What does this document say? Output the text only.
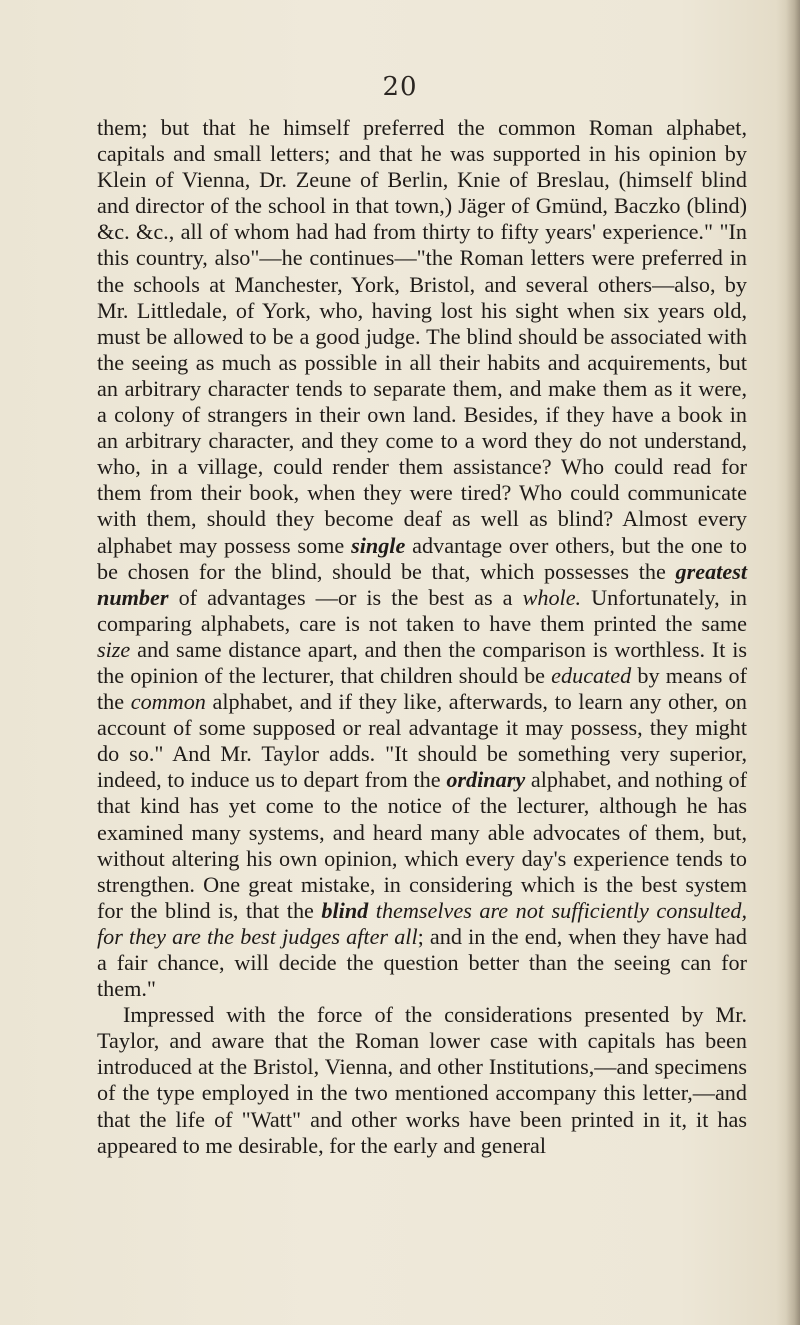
20

them; but that he himself preferred the common Roman alphabet, capitals and small letters; and that he was supported in his opinion by Klein of Vienna, Dr. Zeune of Berlin, Knie of Breslau, (himself blind and director of the school in that town,) Jäger of Gmünd, Baczko (blind) &c. &c., all of whom had had from thirty to fifty years' experience." "In this country, also"—he continues—"the Roman letters were preferred in the schools at Manchester, York, Bristol, and several others—also, by Mr. Littledale, of York, who, having lost his sight when six years old, must be allowed to be a good judge. The blind should be associated with the seeing as much as possible in all their habits and acquirements, but an arbitrary character tends to separate them, and make them as it were, a colony of strangers in their own land. Besides, if they have a book in an arbitrary character, and they come to a word they do not understand, who, in a village, could render them assistance? Who could read for them from their book, when they were tired? Who could communicate with them, should they become deaf as well as blind? Almost every alphabet may possess some single advantage over others, but the one to be chosen for the blind, should be that, which possesses the greatest number of advantages —or is the best as a whole. Unfortunately, in comparing alphabets, care is not taken to have them printed the same size and same distance apart, and then the comparison is worthless. It is the opinion of the lecturer, that children should be educated by means of the common alphabet, and if they like, afterwards, to learn any other, on account of some supposed or real advantage it may possess, they might do so." And Mr. Taylor adds. "It should be something very superior, indeed, to induce us to depart from the ordinary alphabet, and nothing of that kind has yet come to the notice of the lecturer, although he has examined many systems, and heard many able advocates of them, but, without altering his own opinion, which every day's experience tends to strengthen. One great mistake, in considering which is the best system for the blind is, that the blind themselves are not sufficiently consulted, for they are the best judges after all; and in the end, when they have had a fair chance, will decide the question better than the seeing can for them."

Impressed with the force of the considerations presented by Mr. Taylor, and aware that the Roman lower case with capitals has been introduced at the Bristol, Vienna, and other Institutions,—and specimens of the type employed in the two mentioned accompany this letter,—and that the life of "Watt" and other works have been printed in it, it has appeared to me desirable, for the early and general
